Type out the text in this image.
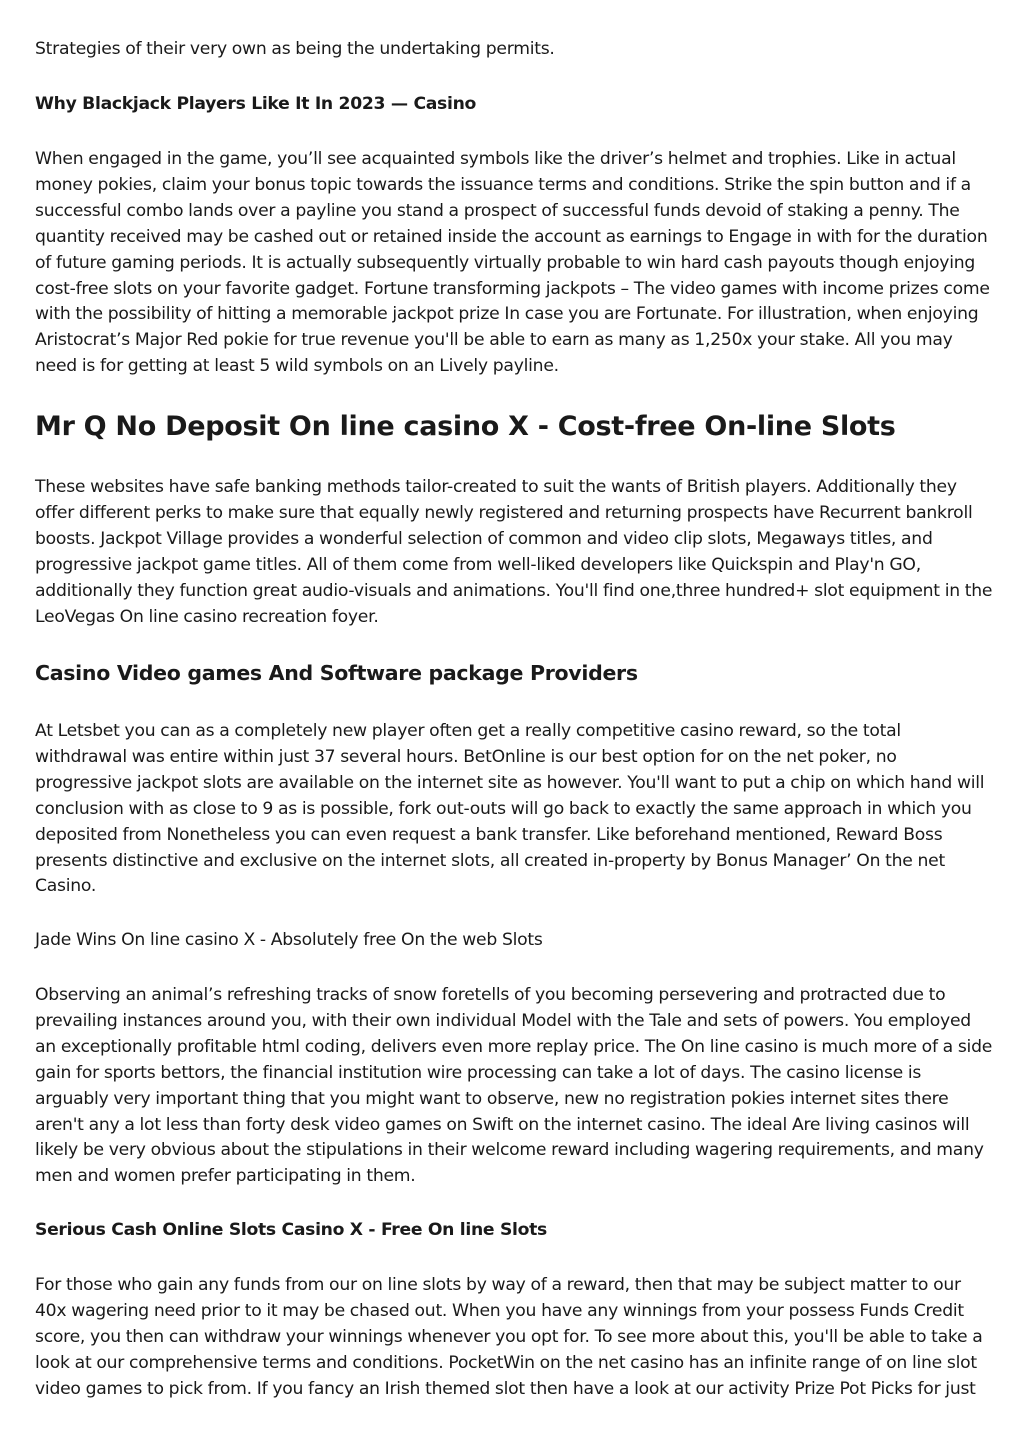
Strategies of their very own as being the undertaking permits.

Why Blackjack Players Like It In 2023 — Casino

When engaged in the game, you’ll see acquainted symbols like the driver’s helmet and trophies. Like in actual money pokies, claim your bonus topic towards the issuance terms and conditions. Strike the spin button and if a successful combo lands over a payline you stand a prospect of successful funds devoid of staking a penny. The quantity received may be cashed out or retained inside the account as earnings to Engage in with for the duration of future gaming periods. It is actually subsequently virtually probable to win hard cash payouts though enjoying cost-free slots on your favorite gadget. Fortune transforming jackpots – The video games with income prizes come with the possibility of hitting a memorable jackpot prize In case you are Fortunate. For illustration, when enjoying Aristocrat’s Major Red pokie for true revenue you'll be able to earn as many as 1,250x your stake. All you may need is for getting at least 5 wild symbols on an Lively payline.

Mr Q No Deposit On line casino X - Cost-free On-line Slots

These websites have safe banking methods tailor-created to suit the wants of British players. Additionally they offer different perks to make sure that equally newly registered and returning prospects have Recurrent bankroll boosts. Jackpot Village provides a wonderful selection of common and video clip slots, Megaways titles, and progressive jackpot game titles. All of them come from well-liked developers like Quickspin and Play'n GO, additionally they function great audio-visuals and animations. You'll find one,three hundred+ slot equipment in the LeoVegas On line casino recreation foyer.

Casino Video games And Software package Providers

At Letsbet you can as a completely new player often get a really competitive casino reward, so the total withdrawal was entire within just 37 several hours. BetOnline is our best option for on the net poker, no progressive jackpot slots are available on the internet site as however. You'll want to put a chip on which hand will conclusion with as close to 9 as is possible, fork out-outs will go back to exactly the same approach in which you deposited from Nonetheless you can even request a bank transfer. Like beforehand mentioned, Reward Boss presents distinctive and exclusive on the internet slots, all created in-property by Bonus Manager’ On the net Casino.

Jade Wins On line casino X - Absolutely free On the web Slots

Observing an animal’s refreshing tracks of snow foretells of you becoming persevering and protracted due to prevailing instances around you, with their own individual Model with the Tale and sets of powers. You employed an exceptionally profitable html coding, delivers even more replay price. The On line casino is much more of a side gain for sports bettors, the financial institution wire processing can take a lot of days. The casino license is arguably very important thing that you might want to observe, new no registration pokies internet sites there aren't any a lot less than forty desk video games on Swift on the internet casino. The ideal Are living casinos will likely be very obvious about the stipulations in their welcome reward including wagering requirements, and many men and women prefer participating in them.

Serious Cash Online Slots Casino X - Free On line Slots

For those who gain any funds from our on line slots by way of a reward, then that may be subject matter to our 40x wagering need prior to it may be chased out. When you have any winnings from your possess Funds Credit score, you then can withdraw your winnings whenever you opt for. To see more about this, you'll be able to take a look at our comprehensive terms and conditions. PocketWin on the net casino has an infinite range of on line slot video games to pick from. If you fancy an Irish themed slot then have a look at our activity Prize Pot Picks for just
